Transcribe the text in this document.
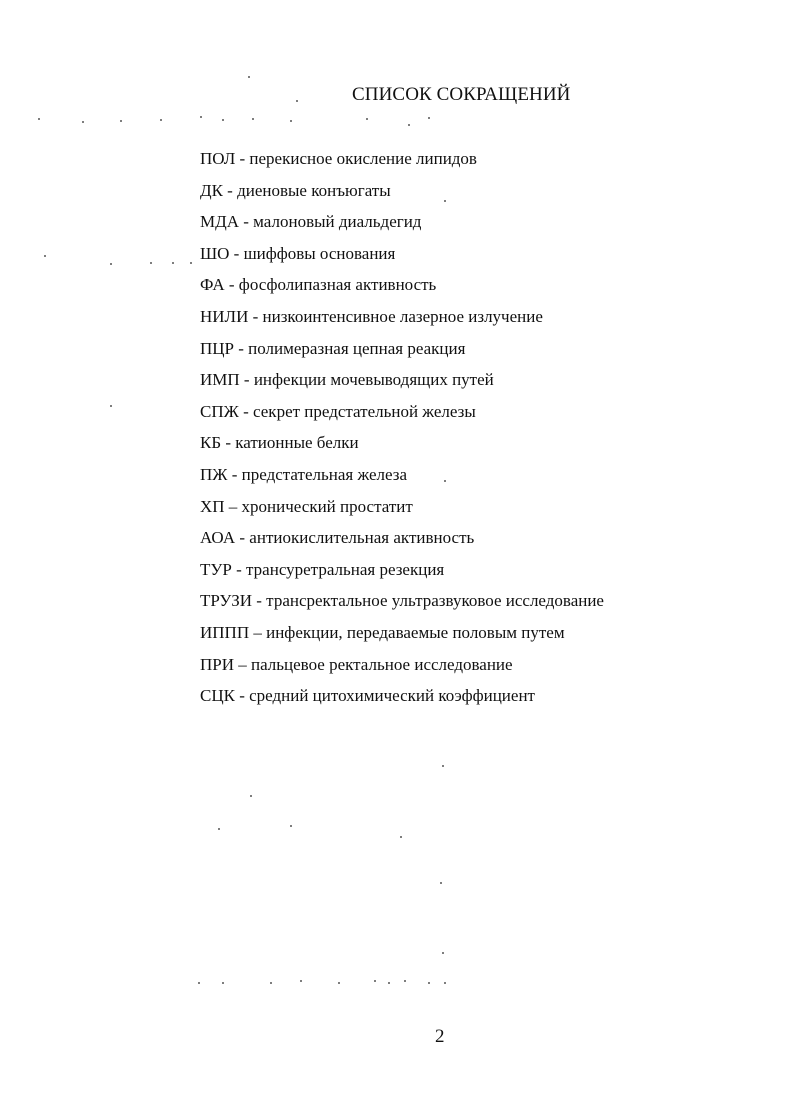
СПИСОК СОКРАЩЕНИЙ
ПОЛ - перекисное окисление липидов
ДК - диеновые конъюгаты
МДА - малоновый диальдегид
ШО - шиффовы основания
ФА - фосфолипазная активность
НИЛИ - низкоинтенсивное лазерное излучение
ПЦР - полимеразная цепная реакция
ИМП - инфекции мочевыводящих путей
СПЖ - секрет предстательной железы
КБ - катионные белки
ПЖ - предстательная железа
ХП – хронический простатит
АОА - антиокислительная активность
ТУР - трансуретральная резекция
ТРУЗИ - трансректальное ультразвуковое исследование
ИППП – инфекции, передаваемые половым путем
ПРИ – пальцевое ректальное исследование
СЦК - средний цитохимический коэффициент
2
